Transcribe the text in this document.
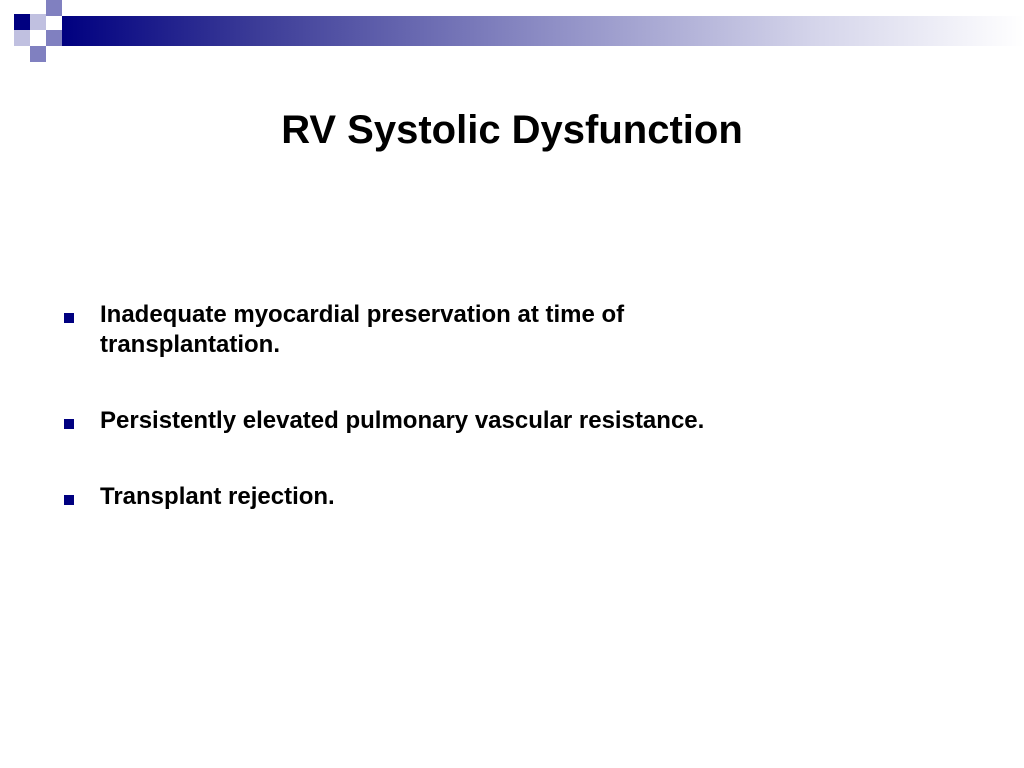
RV Systolic Dysfunction
Inadequate myocardial preservation at time of transplantation.
Persistently elevated pulmonary vascular resistance.
Transplant rejection.
